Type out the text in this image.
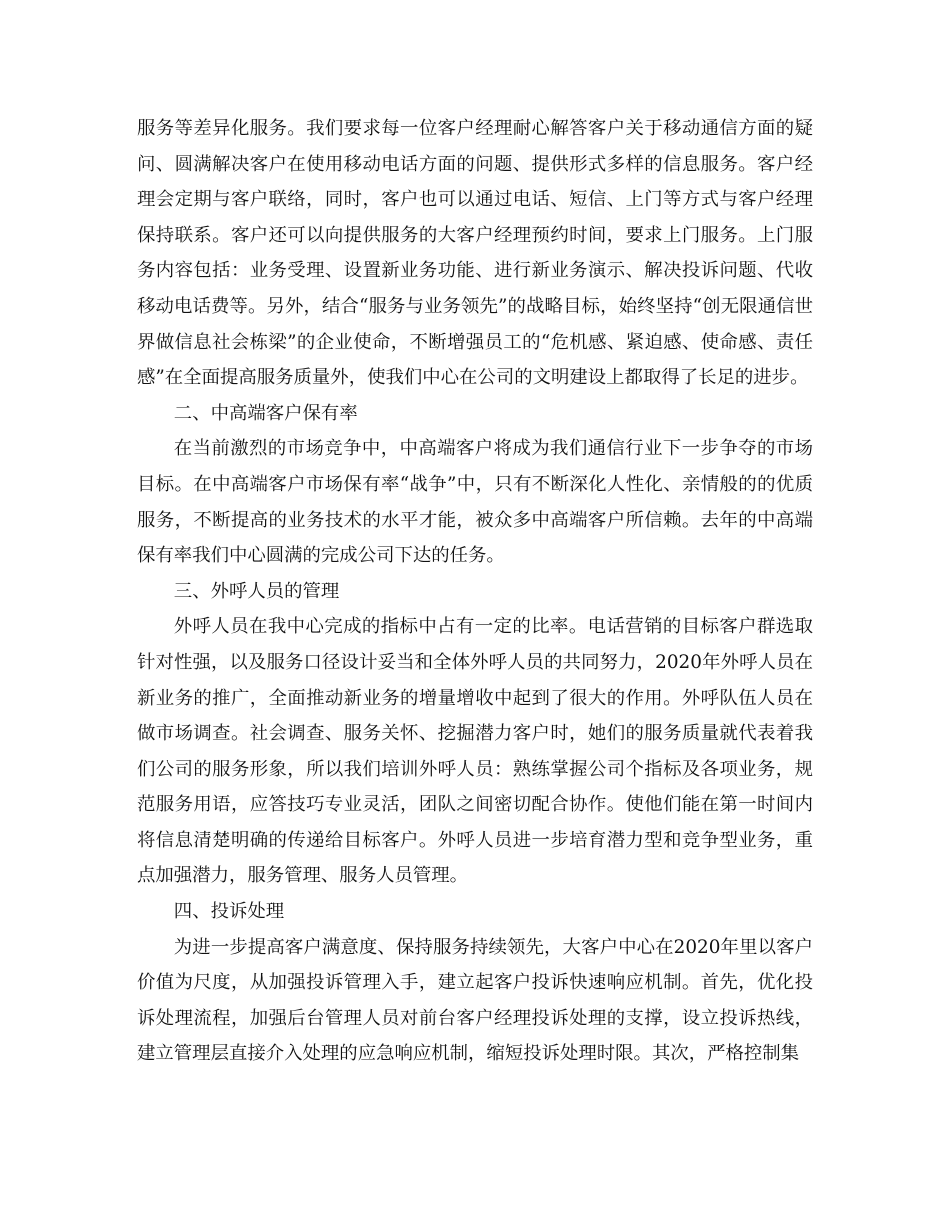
服务等差异化服务。我们要求每一位客户经理耐心解答客户关于移动通信方面的疑问、圆满解决客户在使用移动电话方面的问题、提供形式多样的信息服务。客户经理会定期与客户联络，同时，客户也可以通过电话、短信、上门等方式与客户经理保持联系。客户还可以向提供服务的大客户经理预约时间，要求上门服务。上门服务内容包括：业务受理、设置新业务功能、进行新业务演示、解决投诉问题、代收移动电话费等。另外，结合“服务与业务领先”的战略目标，始终坚持“创无限通信世界做信息社会栋梁”的企业使命，不断增强员工的“危机感、紧迫感、使命感、责任感”在全面提高服务质量外，使我们中心在公司的文明建设上都取得了长足的进步。

二、中高端客户保有率

在当前激烈的市场竞争中，中高端客户将成为我们通信行业下一步争夺的市场目标。在中高端客户市场保有率“战争”中，只有不断深化人性化、亲情般的的优质服务，不断提高的业务技术的水平才能，被众多中高端客户所信赖。去年的中高端保有率我们中心圆满的完成公司下达的任务。

三、外呼人员的管理

外呼人员在我中心完成的指标中占有一定的比率。电话营销的目标客户群选取针对性强，以及服务口径设计妥当和全体外呼人员的共同努力，2020年外呼人员在新业务的推广，全面推动新业务的增量增收中起到了很大的作用。外呼队伍人员在做市场调查。社会调查、服务关怀、挖掘潜力客户时，她们的服务质量就代表着我们公司的服务形象，所以我们培训外呼人员：熟练掌握公司个指标及各项业务，规范服务用语，应答技巧专业灵活，团队之间密切配合协作。使他们能在第一时间内将信息清楚明确的传递给目标客户。外呼人员进一步培育潜力型和竞争型业务，重点加强潜力，服务管理、服务人员管理。

四、投诉处理

为进一步提高客户满意度、保持服务持续领先，大客户中心在2020年里以客户价值为尺度，从加强投诉管理入手，建立起客户投诉快速响应机制。首先，优化投诉处理流程，加强后台管理人员对前台客户经理投诉处理的支撑，设立投诉热线，建立管理层直接介入处理的应急响应机制，缩短投诉处理时限。其次，严格控制集
